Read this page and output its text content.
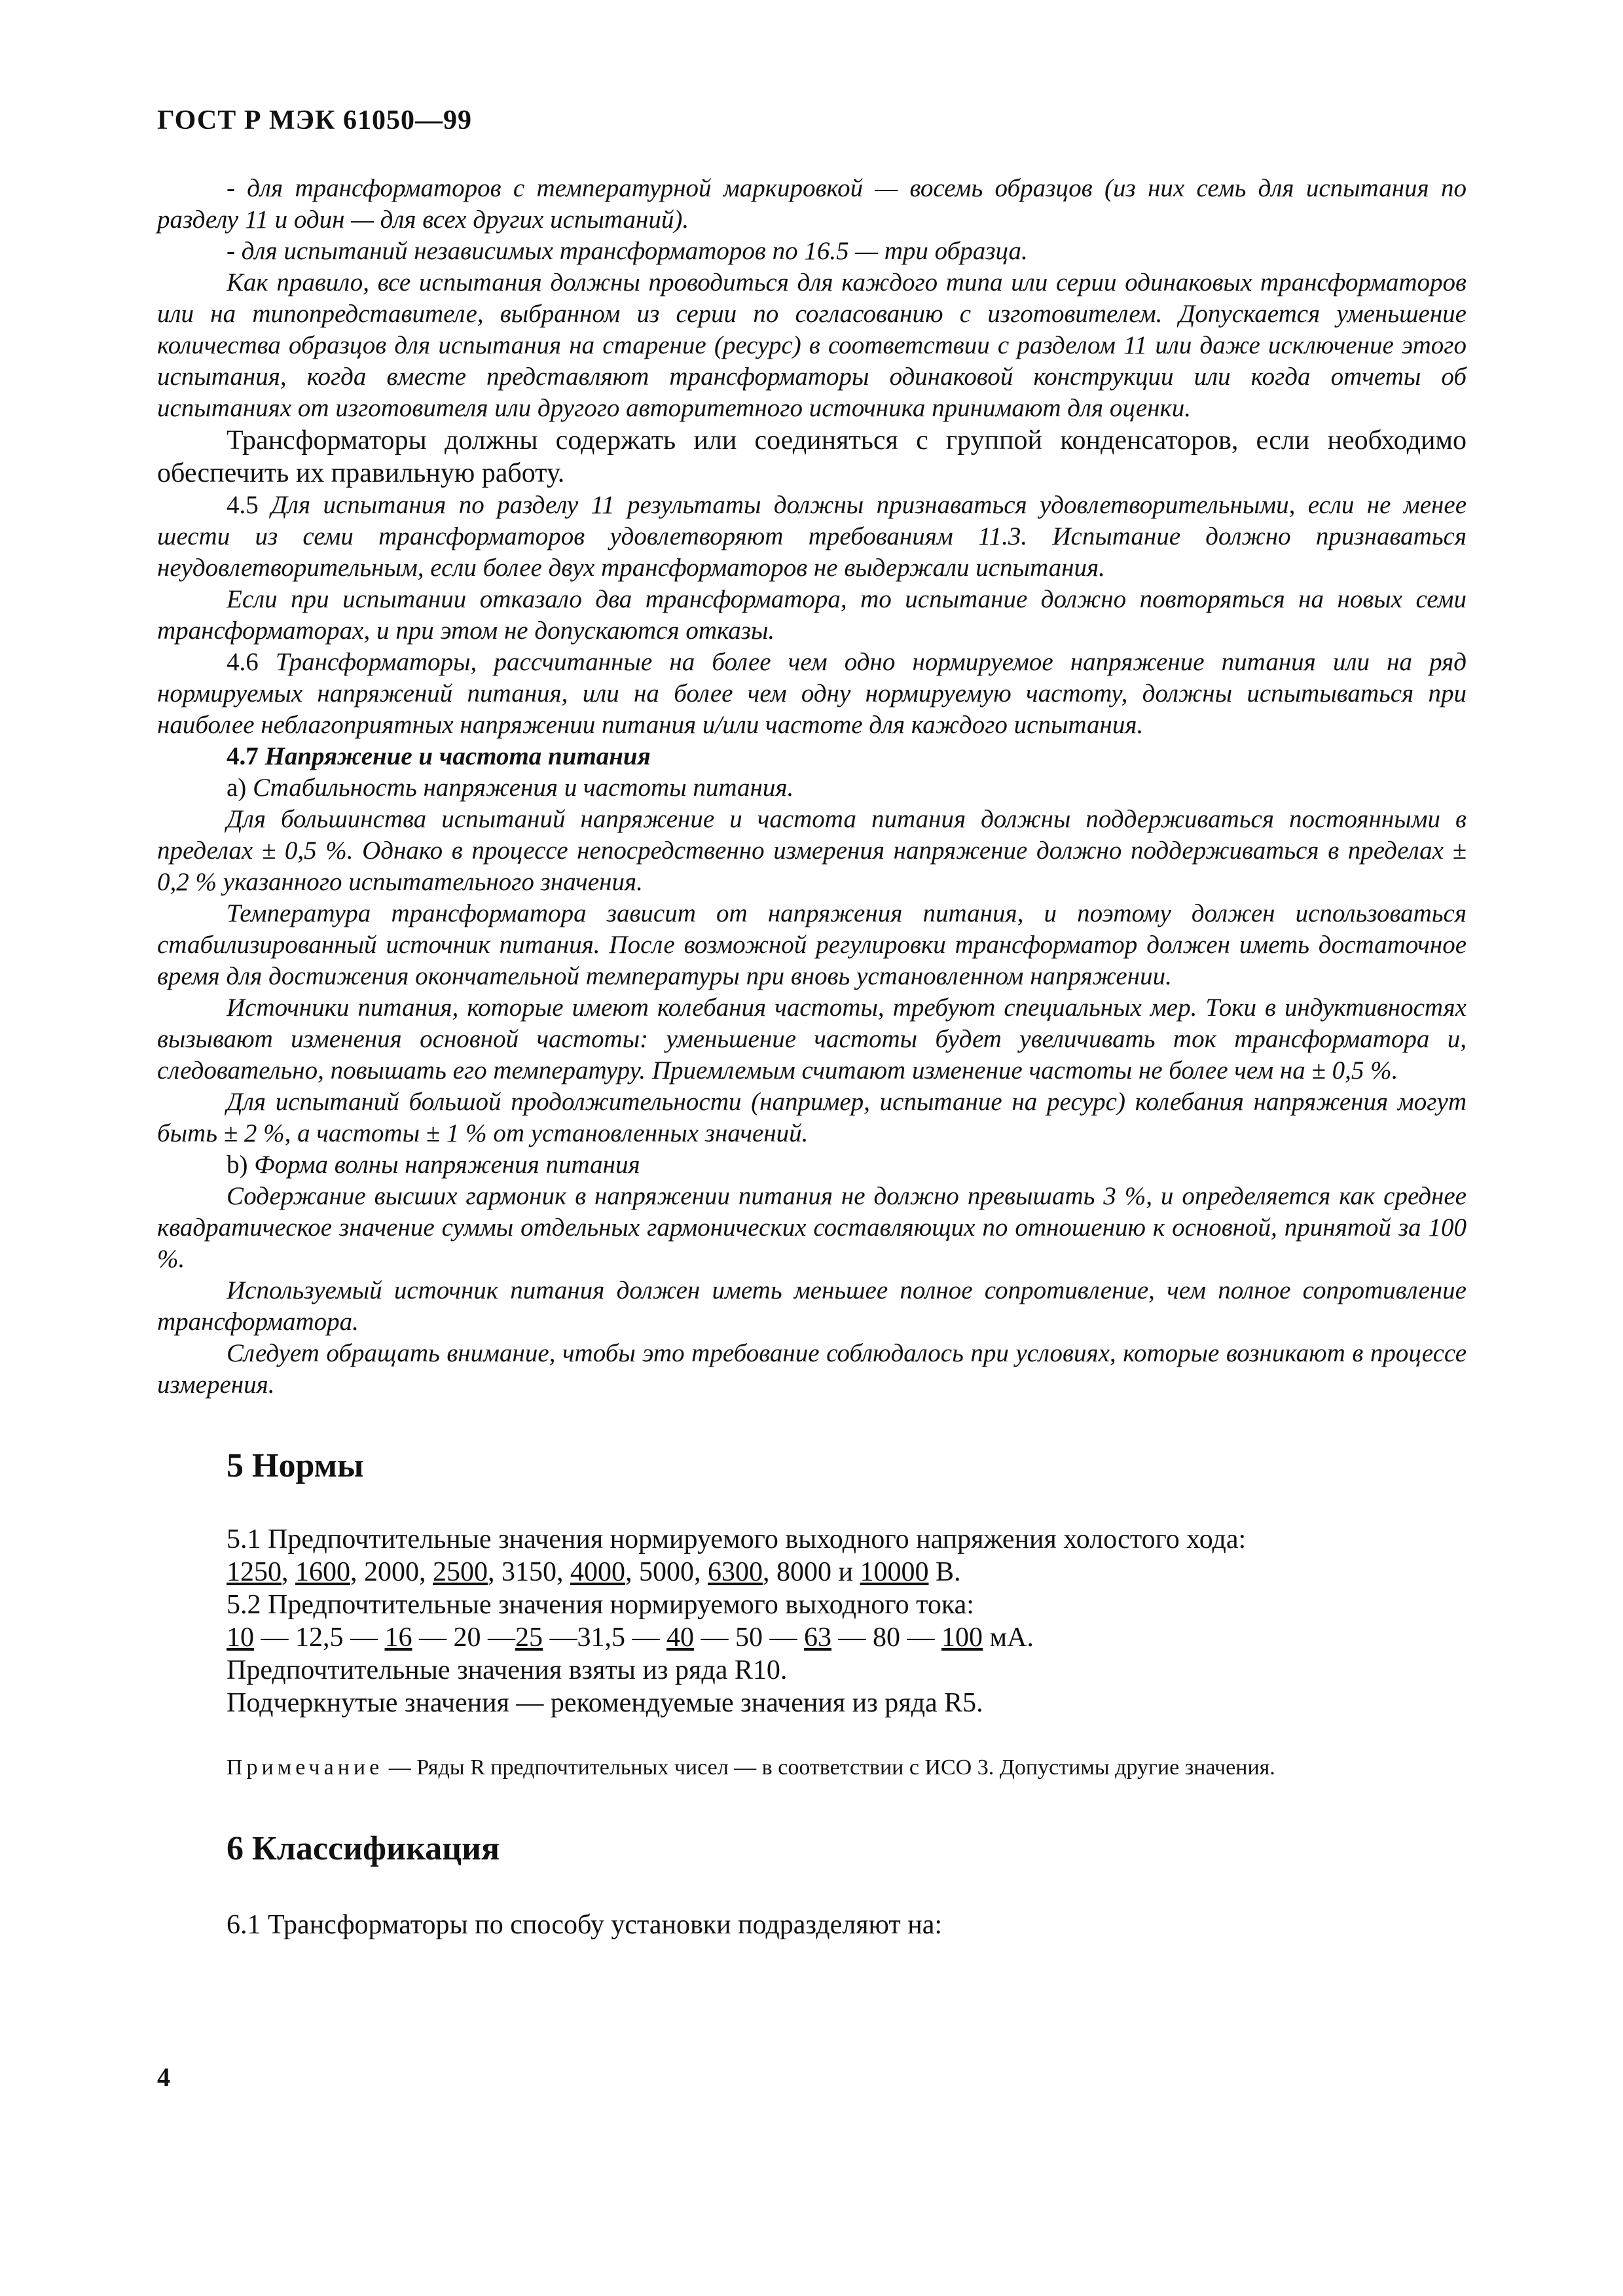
ГОСТ Р МЭК 61050—99

- для трансформаторов с температурной маркировкой — восемь образцов (из них семь для испытания по разделу 11 и один — для всех других испытаний).

- для испытаний независимых трансформаторов по 16.5 — три образца.

Как правило, все испытания должны проводиться для каждого типа или серии одинаковых трансформаторов или на типопредставителе, выбранном из серии по согласованию с изготовителем. Допускается уменьшение количества образцов для испытания на старение (ресурс) в соответствии с разделом 11 или даже исключение этого испытания, когда вместе представляют трансформаторы одинаковой конструкции или когда отчеты об испытаниях от изготовителя или другого авторитетного источника принимают для оценки.

Трансформаторы должны содержать или соединяться с группой конденсаторов, если необходимо обеспечить их правильную работу.

4.5 Для испытания по разделу 11 результаты должны признаваться удовлетворительными, если не менее шести из семи трансформаторов удовлетворяют требованиям 11.3. Испытание должно признаваться неудовлетворительным, если более двух трансформаторов не выдержали испытания.

Если при испытании отказало два трансформатора, то испытание должно повторяться на новых семи трансформаторах, и при этом не допускаются отказы.

4.6 Трансформаторы, рассчитанные на более чем одно нормируемое напряжение питания или на ряд нормируемых напряжений питания, или на более чем одну нормируемую частоту, должны испытываться при наиболее неблагоприятных напряжении питания и/или частоте для каждого испытания.

4.7 Напряжение и частота питания

a) Стабильность напряжения и частоты питания.

Для большинства испытаний напряжение и частота питания должны поддерживаться постоянными в пределах ± 0,5 %. Однако в процессе непосредственно измерения напряжение должно поддерживаться в пределах ± 0,2 % указанного испытательного значения.

Температура трансформатора зависит от напряжения питания, и поэтому должен использоваться стабилизированный источник питания. После возможной регулировки трансформатор должен иметь достаточное время для достижения окончательной температуры при вновь установленном напряжении.

Источники питания, которые имеют колебания частоты, требуют специальных мер. Токи в индуктивностях вызывают изменения основной частоты: уменьшение частоты будет увеличивать ток трансформатора и, следовательно, повышать его температуру. Приемлемым считают изменение частоты не более чем на ± 0,5 %.

Для испытаний большой продолжительности (например, испытание на ресурс) колебания напряжения могут быть ± 2 %, а частоты ± 1 % от установленных значений.

b) Форма волны напряжения питания

Содержание высших гармоник в напряжении питания не должно превышать 3 %, и определяется как среднее квадратическое значение суммы отдельных гармонических составляющих по отношению к основной, принятой за 100 %.

Используемый источник питания должен иметь меньшее полное сопротивление, чем полное сопротивление трансформатора.

Следует обращать внимание, чтобы это требование соблюдалось при условиях, которые возникают в процессе измерения.

5 Нормы

5.1 Предпочтительные значения нормируемого выходного напряжения холостого хода:

1250, 1600, 2000, 2500, 3150, 4000, 5000, 6300, 8000 и 10000 В.

5.2 Предпочтительные значения нормируемого выходного тока:

10 — 12,5 — 16 — 20 —25 —31,5 — 40 — 50 — 63 — 80 — 100 мА.

Предпочтительные значения взяты из ряда R10.

Подчеркнутые значения — рекомендуемые значения из ряда R5.

Примечание — Ряды R предпочтительных чисел — в соответствии с ИСО 3. Допустимы другие значения.

6 Классификация

6.1 Трансформаторы по способу установки подразделяют на:

4
